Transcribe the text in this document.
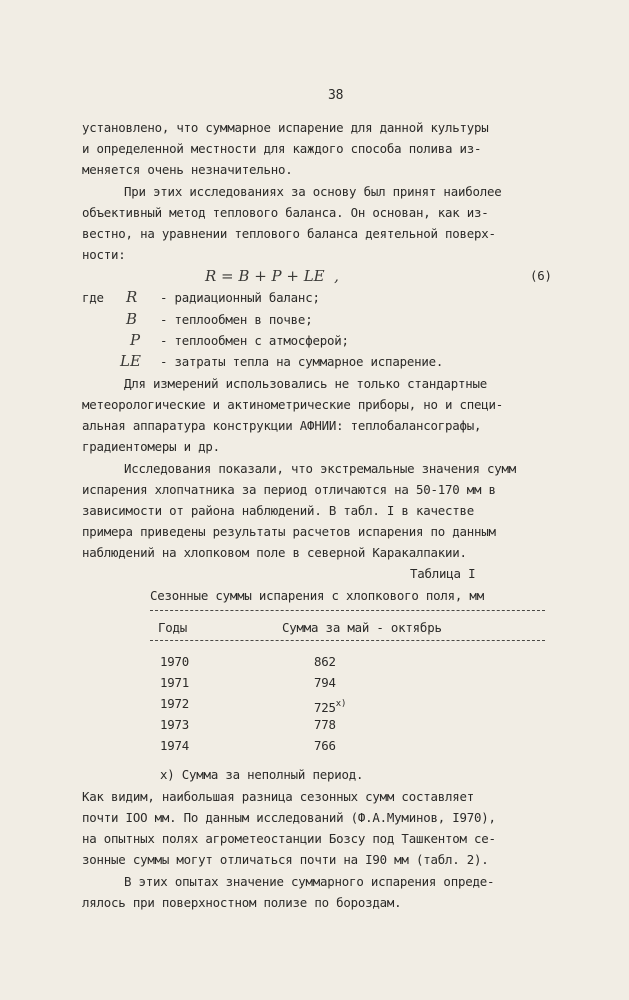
38
установлено, что суммарное испарение для данной культуры
и определенной местности для каждого способа полива из-
меняется очень незначительно.
При этих исследованиях за основу был принят наиболее
объективный метод теплового баланса. Он основан, как из-
вестно, на уравнении теплового баланса деятельной поверх-
ности:
R = B + P + LE  ,	(6)
где R - радиационный баланс;
B - теплообмен в почве;
P - теплообмен с атмосферой;
LE - затраты тепла на суммарное испарение.
Для измерений использовались не только стандартные
метеорологические и актинометрические приборы, но и специ-
альная аппаратура конструкции АФНИИ: теплобалансографы,
градиентомеры и др.
Исследования показали, что экстремальные значения сумм
испарения хлопчатника за период отличаются на 50-170 мм в
зависимости от района наблюдений. В табл. I в качестве
примера приведены результаты расчетов испарения по данным
наблюдений на хлопковом поле в северной Каракалпакии.
Таблица I
Сезонные суммы испарения с хлопкового поля, мм
Годы	Сумма за май - октябрь
1970	862
1971	794
1972	725$^{x)}$
1973	778
1974	766
x) Сумма за неполный период.
Как видим, наибольшая разница сезонных сумм составляет
почти IOO мм. По данным исследований (Ф.А.Муминов, I970),
на опытных полях агрометеостанции Бозсу под Ташкентом се-
зонные суммы могут отличаться почти на I90 мм (табл. 2).
В этих опытах значение суммарного испарения опреде-
лялось при поверхностном полизе по бороздам.
